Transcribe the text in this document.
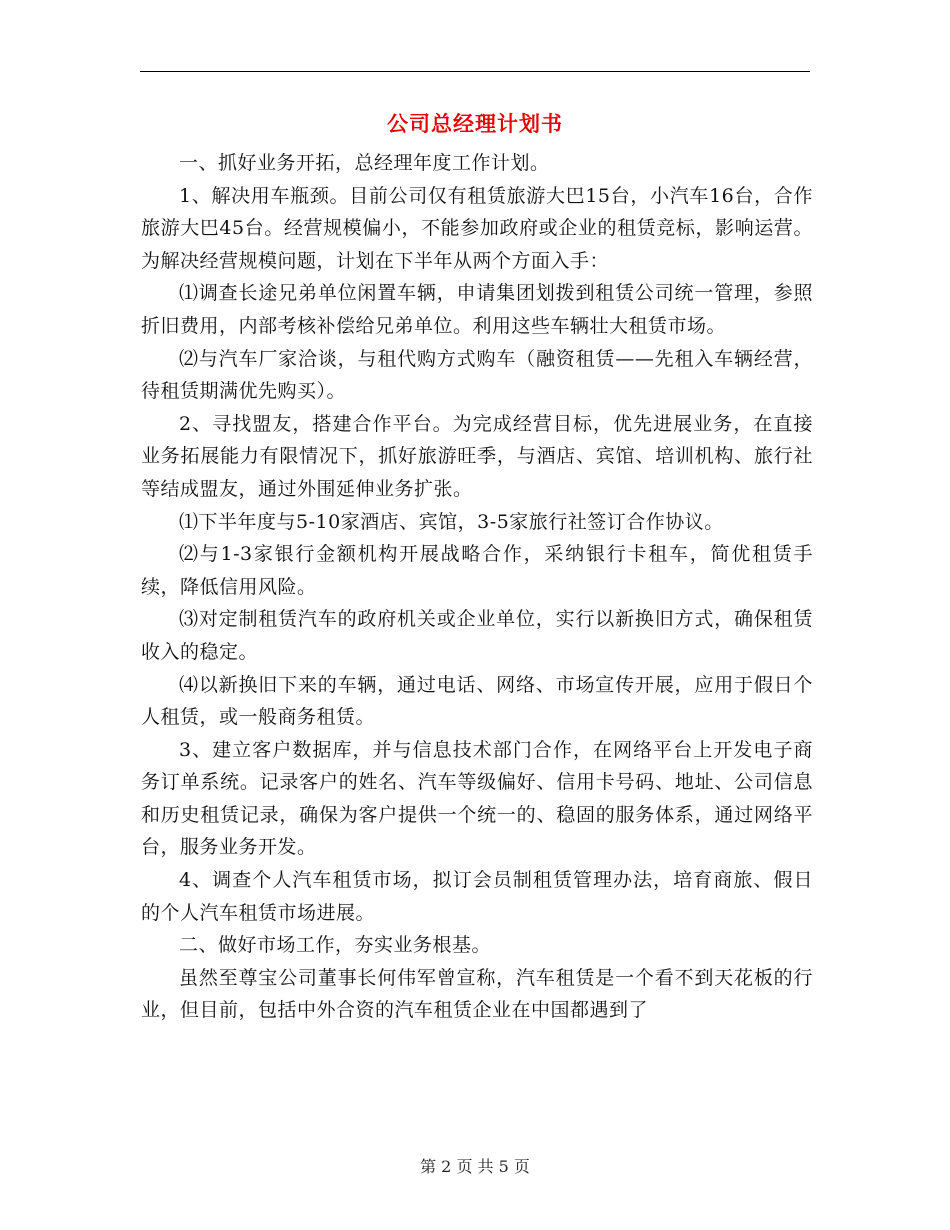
公司总经理计划书

一、抓好业务开拓，总经理年度工作计划。

1、解决用车瓶颈。目前公司仅有租赁旅游大巴15台，小汽车16台，合作旅游大巴45台。经营规模偏小，不能参加政府或企业的租赁竞标，影响运营。为解决经营规模问题，计划在下半年从两个方面入手：

⑴调查长途兄弟单位闲置车辆，申请集团划拨到租赁公司统一管理，参照折旧费用，内部考核补偿给兄弟单位。利用这些车辆壮大租赁市场。

⑵与汽车厂家洽谈，与租代购方式购车（融资租赁——先租入车辆经营，待租赁期满优先购买）。

2、寻找盟友，搭建合作平台。为完成经营目标，优先进展业务，在直接业务拓展能力有限情况下，抓好旅游旺季，与酒店、宾馆、培训机构、旅行社等结成盟友，通过外围延伸业务扩张。

⑴下半年度与5-10家酒店、宾馆，3-5家旅行社签订合作协议。

⑵与1-3家银行金额机构开展战略合作，采纳银行卡租车，简优租赁手续，降低信用风险。

⑶对定制租赁汽车的政府机关或企业单位，实行以新换旧方式，确保租赁收入的稳定。

⑷以新换旧下来的车辆，通过电话、网络、市场宣传开展，应用于假日个人租赁，或一般商务租赁。

3、建立客户数据库，并与信息技术部门合作，在网络平台上开发电子商务订单系统。记录客户的姓名、汽车等级偏好、信用卡号码、地址、公司信息和历史租赁记录，确保为客户提供一个统一的、稳固的服务体系，通过网络平台，服务业务开发。

4、调查个人汽车租赁市场，拟订会员制租赁管理办法，培育商旅、假日的个人汽车租赁市场进展。

二、做好市场工作，夯实业务根基。

虽然至尊宝公司董事长何伟军曾宣称，汽车租赁是一个看不到天花板的行业，但目前，包括中外合资的汽车租赁企业在中国都遇到了

第 2 页 共 5 页
